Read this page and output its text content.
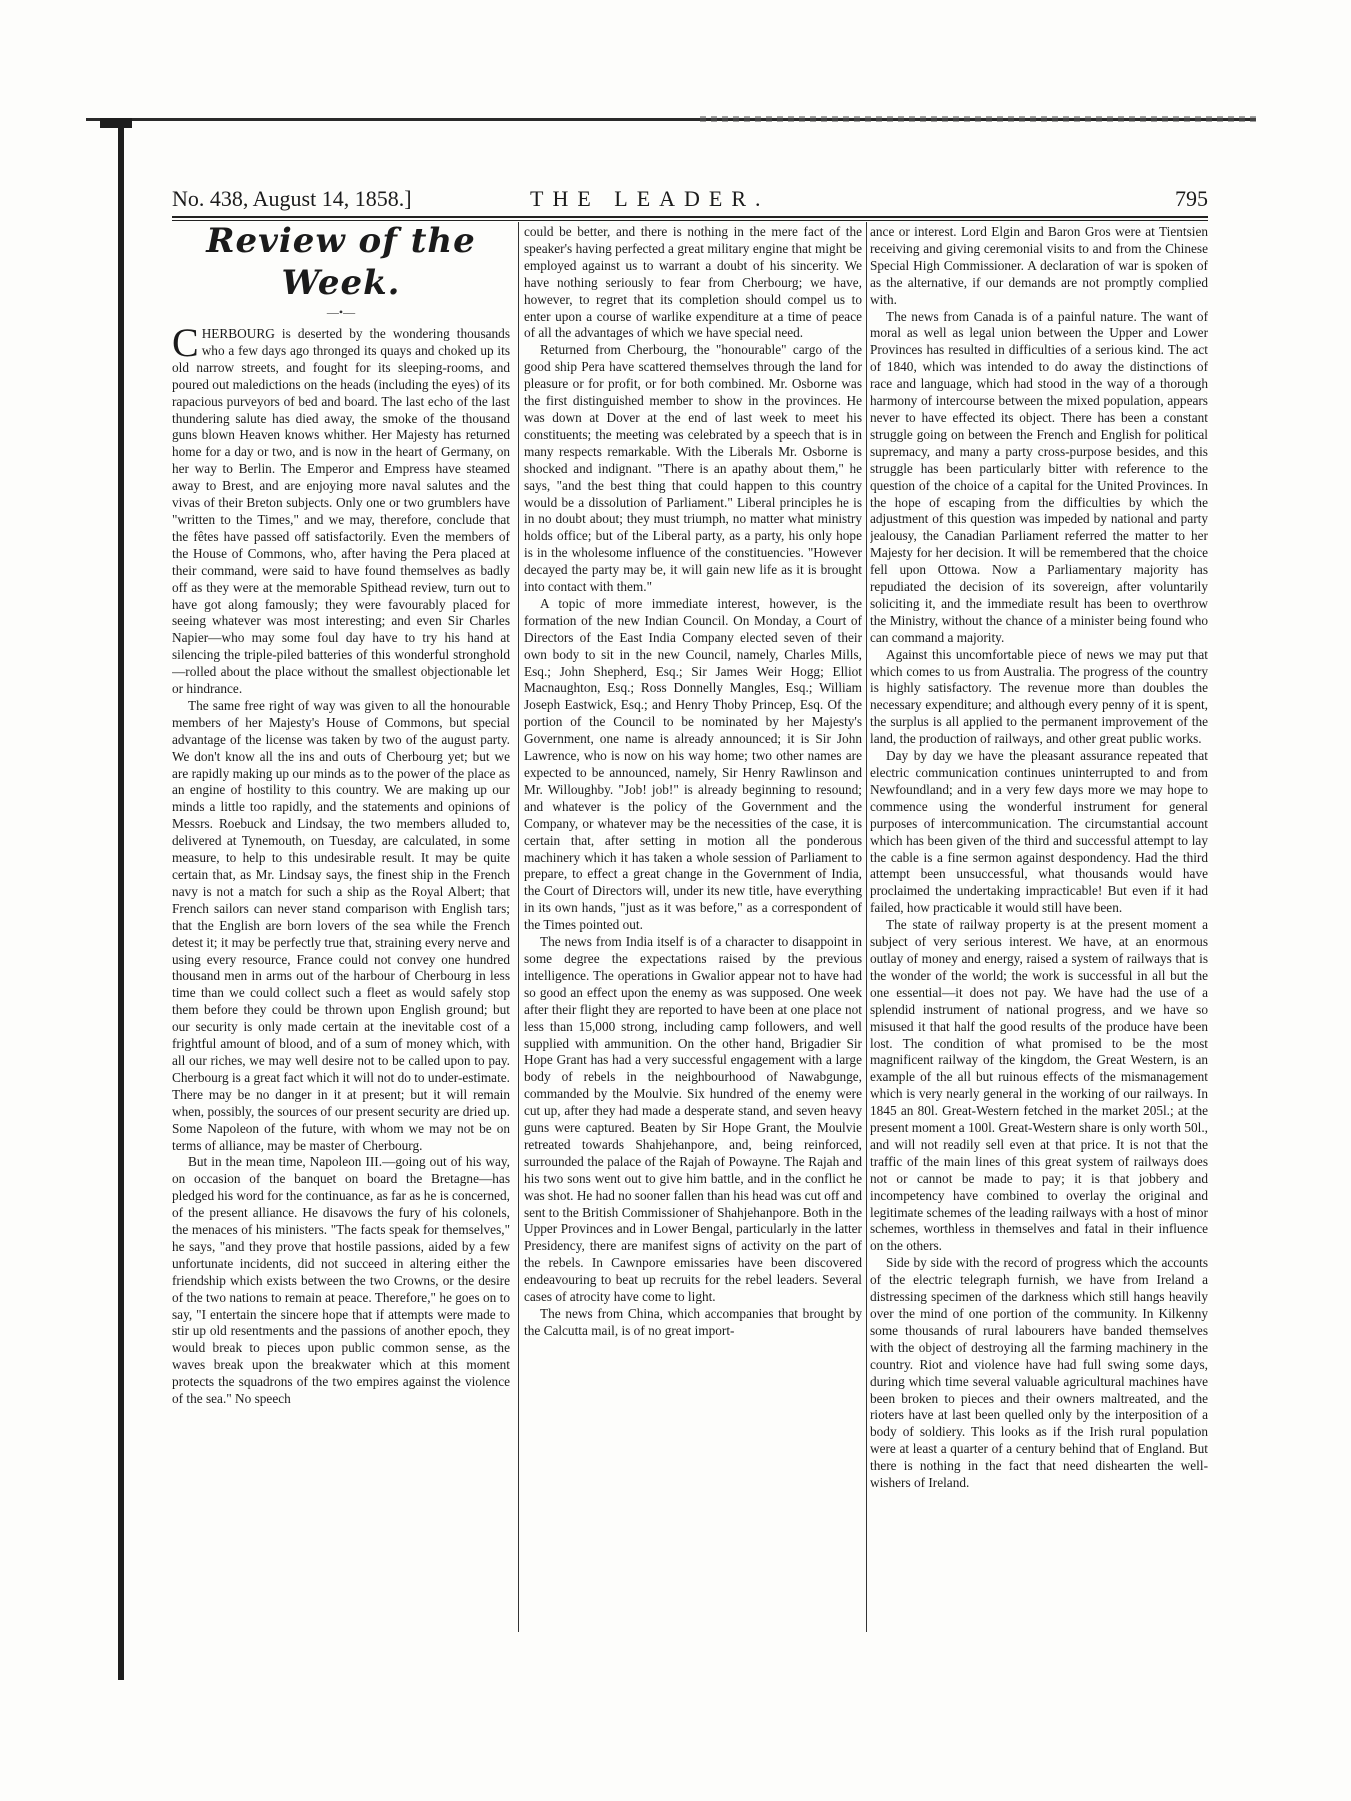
No. 438, August 14, 1858.]	THE LEADER.	795
Review of the Week.
—•—

CHERBOURG is deserted by the wondering thousands who a few days ago thronged its quays and choked up its old narrow streets, and fought for its sleeping-rooms, and poured out maledictions on the heads (including the eyes) of its rapacious purveyors of bed and board. The last echo of the last thundering salute has died away, the smoke of the thousand guns blown Heaven knows whither. Her Majesty has returned home for a day or two, and is now in the heart of Germany, on her way to Berlin. The Emperor and Empress have steamed away to Brest, and are enjoying more naval salutes and the vivas of their Breton subjects. Only one or two grumblers have "written to the Times," and we may, therefore, conclude that the fêtes have passed off satisfactorily. Even the members of the House of Commons, who, after having the Pera placed at their command, were said to have found themselves as badly off as they were at the memorable Spithead review, turn out to have got along famously; they were favourably placed for seeing whatever was most interesting; and even Sir Charles Napier—who may some foul day have to try his hand at silencing the triple-piled batteries of this wonderful stronghold—rolled about the place without the smallest objectionable let or hindrance.

The same free right of way was given to all the honourable members of her Majesty's House of Commons, but special advantage of the license was taken by two of the august party. We don't know all the ins and outs of Cherbourg yet; but we are rapidly making up our minds as to the power of the place as an engine of hostility to this country. We are making up our minds a little too rapidly, and the statements and opinions of Messrs. Roebuck and Lindsay, the two members alluded to, delivered at Tynemouth, on Tuesday, are calculated, in some measure, to help to this undesirable result. It may be quite certain that, as Mr. Lindsay says, the finest ship in the French navy is not a match for such a ship as the Royal Albert; that French sailors can never stand comparison with English tars; that the English are born lovers of the sea while the French detest it; it may be perfectly true that, straining every nerve and using every resource, France could not convey one hundred thousand men in arms out of the harbour of Cherbourg in less time than we could collect such a fleet as would safely stop them before they could be thrown upon English ground; but our security is only made certain at the inevitable cost of a frightful amount of blood, and of a sum of money which, with all our riches, we may well desire not to be called upon to pay. Cherbourg is a great fact which it will not do to under-estimate. There may be no danger in it at present; but it will remain when, possibly, the sources of our present security are dried up. Some Napoleon of the future, with whom we may not be on terms of alliance, may be master of Cherbourg.

But in the mean time, Napoleon III.—going out of his way, on occasion of the banquet on board the Bretagne—has pledged his word for the continuance, as far as he is concerned, of the present alliance. He disavows the fury of his colonels, the menaces of his ministers. "The facts speak for themselves," he says, "and they prove that hostile passions, aided by a few unfortunate incidents, did not succeed in altering either the friendship which exists between the two Crowns, or the desire of the two nations to remain at peace. Therefore," he goes on to say, "I entertain the sincere hope that if attempts were made to stir up old resentments and the passions of another epoch, they would break to pieces upon public common sense, as the waves break upon the breakwater which at this moment protects the squadrons of the two empires against the violence of the sea." No speech

could be better, and there is nothing in the mere fact of the speaker's having perfected a great military engine that might be employed against us to warrant a doubt of his sincerity. We have nothing seriously to fear from Cherbourg; we have, however, to regret that its completion should compel us to enter upon a course of warlike expenditure at a time of peace of all the advantages of which we have special need.

Returned from Cherbourg, the "honourable" cargo of the good ship Pera have scattered themselves through the land for pleasure or for profit, or for both combined. Mr. Osborne was the first distinguished member to show in the provinces. He was down at Dover at the end of last week to meet his constituents; the meeting was celebrated by a speech that is in many respects remarkable. With the Liberals Mr. Osborne is shocked and indignant. "There is an apathy about them," he says, "and the best thing that could happen to this country would be a dissolution of Parliament." Liberal principles he is in no doubt about; they must triumph, no matter what ministry holds office; but of the Liberal party, as a party, his only hope is in the wholesome influence of the constituencies. "However decayed the party may be, it will gain new life as it is brought into contact with them."

A topic of more immediate interest, however, is the formation of the new Indian Council. On Monday, a Court of Directors of the East India Company elected seven of their own body to sit in the new Council, namely, Charles Mills, Esq.; John Shepherd, Esq.; Sir James Weir Hogg; Elliot Macnaughton, Esq.; Ross Donnelly Mangles, Esq.; William Joseph Eastwick, Esq.; and Henry Thoby Princep, Esq. Of the portion of the Council to be nominated by her Majesty's Government, one name is already announced; it is Sir John Lawrence, who is now on his way home; two other names are expected to be announced, namely, Sir Henry Rawlinson and Mr. Willoughby. "Job! job!" is already beginning to resound; and whatever is the policy of the Government and the Company, or whatever may be the necessities of the case, it is certain that, after setting in motion all the ponderous machinery which it has taken a whole session of Parliament to prepare, to effect a great change in the Government of India, the Court of Directors will, under its new title, have everything in its own hands, "just as it was before," as a correspondent of the Times pointed out.

The news from India itself is of a character to disappoint in some degree the expectations raised by the previous intelligence. The operations in Gwalior appear not to have had so good an effect upon the enemy as was supposed. One week after their flight they are reported to have been at one place not less than 15,000 strong, including camp followers, and well supplied with ammunition. On the other hand, Brigadier Sir Hope Grant has had a very successful engagement with a large body of rebels in the neighbourhood of Nawabgunge, commanded by the Moulvie. Six hundred of the enemy were cut up, after they had made a desperate stand, and seven heavy guns were captured. Beaten by Sir Hope Grant, the Moulvie retreated towards Shahjehanpore, and, being reinforced, surrounded the palace of the Rajah of Powayne. The Rajah and his two sons went out to give him battle, and in the conflict he was shot. He had no sooner fallen than his head was cut off and sent to the British Commissioner of Shahjehanpore. Both in the Upper Provinces and in Lower Bengal, particularly in the latter Presidency, there are manifest signs of activity on the part of the rebels. In Cawnpore emissaries have been discovered endeavouring to beat up recruits for the rebel leaders. Several cases of atrocity have come to light.

The news from China, which accompanies that brought by the Calcutta mail, is of no great import-

ance or interest. Lord Elgin and Baron Gros were at Tientsien receiving and giving ceremonial visits to and from the Chinese Special High Commissioner. A declaration of war is spoken of as the alternative, if our demands are not promptly complied with.

The news from Canada is of a painful nature. The want of moral as well as legal union between the Upper and Lower Provinces has resulted in difficulties of a serious kind. The act of 1840, which was intended to do away the distinctions of race and language, which had stood in the way of a thorough harmony of intercourse between the mixed population, appears never to have effected its object. There has been a constant struggle going on between the French and English for political supremacy, and many a party cross-purpose besides, and this struggle has been particularly bitter with reference to the question of the choice of a capital for the United Provinces. In the hope of escaping from the difficulties by which the adjustment of this question was impeded by national and party jealousy, the Canadian Parliament referred the matter to her Majesty for her decision. It will be remembered that the choice fell upon Ottowa. Now a Parliamentary majority has repudiated the decision of its sovereign, after voluntarily soliciting it, and the immediate result has been to overthrow the Ministry, without the chance of a minister being found who can command a majority.

Against this uncomfortable piece of news we may put that which comes to us from Australia. The progress of the country is highly satisfactory. The revenue more than doubles the necessary expenditure; and although every penny of it is spent, the surplus is all applied to the permanent improvement of the land, the production of railways, and other great public works.

Day by day we have the pleasant assurance repeated that electric communication continues uninterrupted to and from Newfoundland; and in a very few days more we may hope to commence using the wonderful instrument for general purposes of intercommunication. The circumstantial account which has been given of the third and successful attempt to lay the cable is a fine sermon against despondency. Had the third attempt been unsuccessful, what thousands would have proclaimed the undertaking impracticable! But even if it had failed, how practicable it would still have been.

The state of railway property is at the present moment a subject of very serious interest. We have, at an enormous outlay of money and energy, raised a system of railways that is the wonder of the world; the work is successful in all but the one essential—it does not pay. We have had the use of a splendid instrument of national progress, and we have so misused it that half the good results of the produce have been lost. The condition of what promised to be the most magnificent railway of the kingdom, the Great Western, is an example of the all but ruinous effects of the mismanagement which is very nearly general in the working of our railways. In 1845 an 80l. Great-Western fetched in the market 205l.; at the present moment a 100l. Great-Western share is only worth 50l., and will not readily sell even at that price. It is not that the traffic of the main lines of this great system of railways does not or cannot be made to pay; it is that jobbery and incompetency have combined to overlay the original and legitimate schemes of the leading railways with a host of minor schemes, worthless in themselves and fatal in their influence on the others.

Side by side with the record of progress which the accounts of the electric telegraph furnish, we have from Ireland a distressing specimen of the darkness which still hangs heavily over the mind of one portion of the community. In Kilkenny some thousands of rural labourers have banded themselves with the object of destroying all the farming machinery in the country. Riot and violence have had full swing some days, during which time several valuable agricultural machines have been broken to pieces and their owners maltreated, and the rioters have at last been quelled only by the interposition of a body of soldiery. This looks as if the Irish rural population were at least a quarter of a century behind that of England. But there is nothing in the fact that need dishearten the well-wishers of Ireland.
